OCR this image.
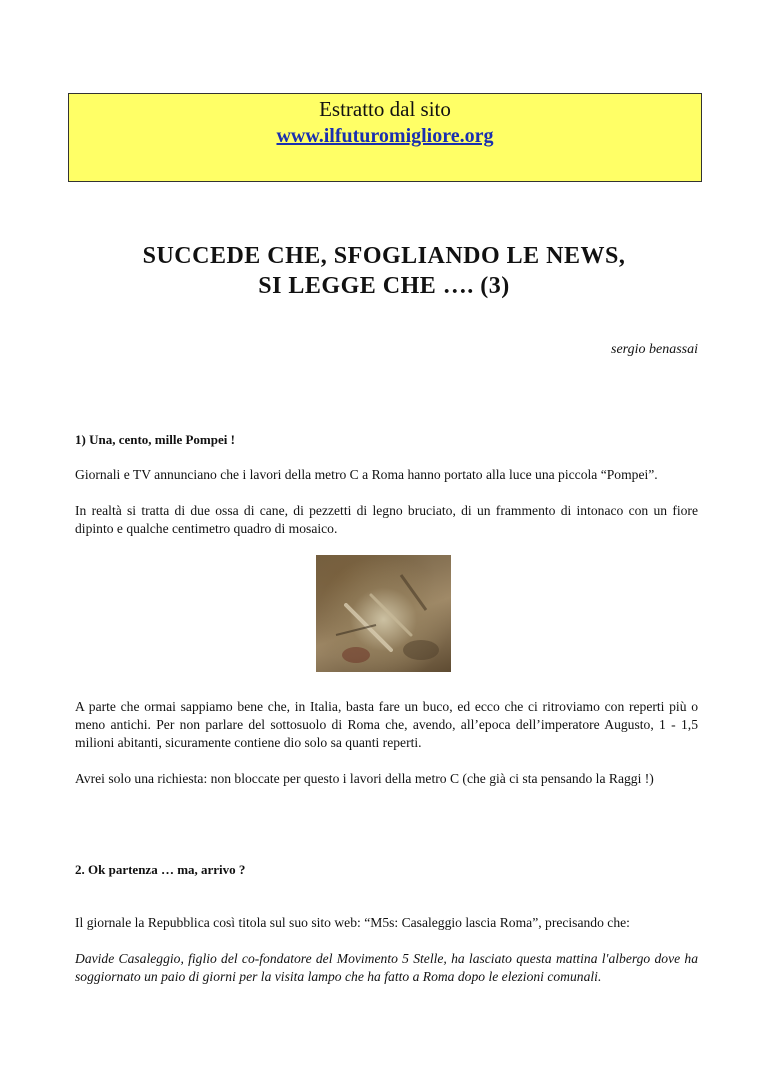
Estratto dal sito
www.ilfuturomigliore.org
SUCCEDE CHE, SFOGLIANDO LE NEWS,
SI LEGGE CHE …. (3)
sergio benassai
1) Una, cento, mille Pompei !
Giornali e TV annunciano che i lavori della metro C a Roma hanno portato alla luce una piccola “Pompei”.
In realtà si tratta di due ossa di cane, di pezzetti di legno bruciato, di un frammento di intonaco con un fiore dipinto e qualche centimetro quadro di mosaico.
A parte che ormai sappiamo bene che, in Italia, basta fare un buco, ed ecco che ci ritroviamo con reperti più o meno antichi. Per non parlare del sottosuolo di Roma che, avendo, all’epoca dell’imperatore Augusto, 1 - 1,5 milioni abitanti, sicuramente contiene dio solo sa quanti reperti.
Avrei solo una richiesta: non bloccate per questo i lavori della metro C (che già ci sta pensando la Raggi !)
2. Ok partenza … ma, arrivo ?
Il giornale la Repubblica così titola sul suo sito web: “M5s: Casaleggio lascia Roma”, precisando che:
Davide Casaleggio, figlio del co-fondatore del Movimento 5 Stelle, ha lasciato questa mattina l'albergo dove ha soggiornato un paio di giorni per la visita lampo che ha fatto a Roma dopo le elezioni comunali.
